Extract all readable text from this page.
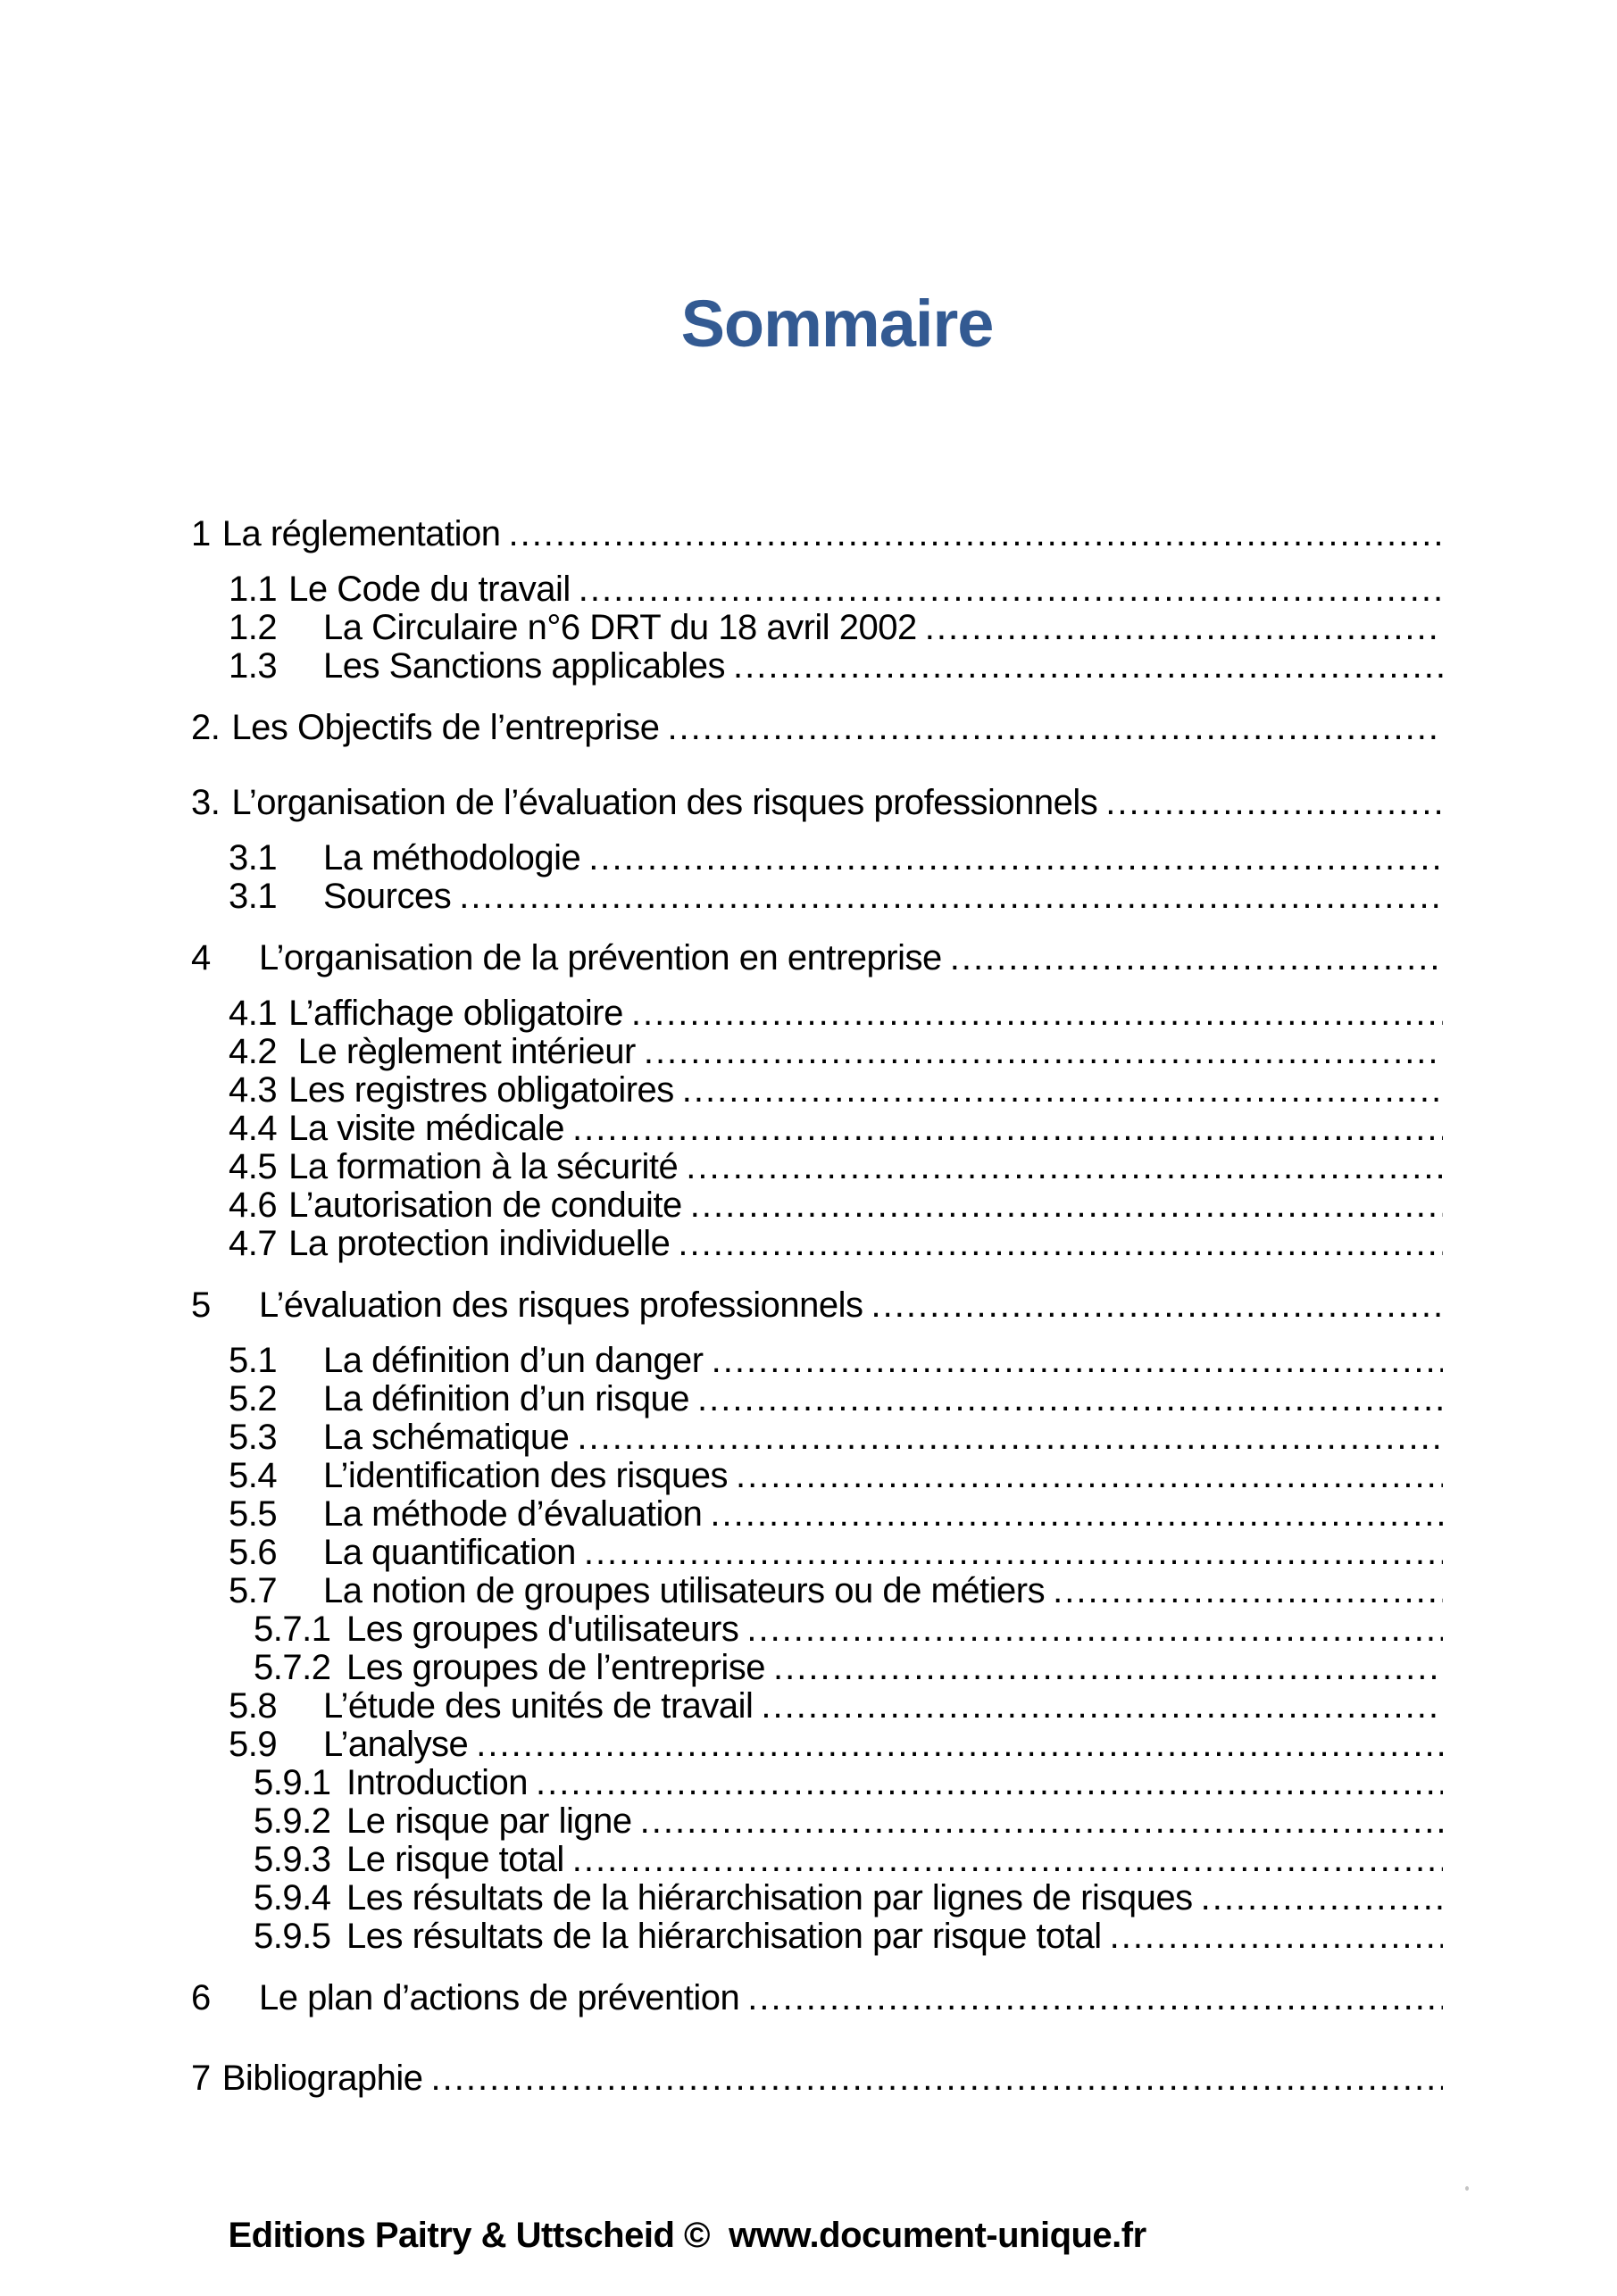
Sommaire
1 La réglementation
.....
1.1 Le Code du travail
.....
1.2	La Circulaire n°6 DRT du 18 avril 2002
.....
1.3	Les Sanctions applicables
.....
2. Les Objectifs de l’entreprise
.....
3. L’organisation de l’évaluation des risques professionnels
.....
3.1	La méthodologie
.....
3.1	Sources
.....
4	L’organisation de la prévention en entreprise
.....
4.1 L’affichage obligatoire
.....
4.2 Le règlement intérieur
.....
4.3 Les registres obligatoires
.....
4.4 La visite médicale
.....
4.5 La formation à la sécurité
.....
4.6 L’autorisation de conduite
.....
4.7 La protection individuelle
.....
5	L’évaluation des risques professionnels
.....
5.1	La définition d’un danger
.....
5.2	La définition d’un risque
.....
5.3	La schématique
.....
5.4	L’identification des risques
.....
5.5	La méthode d’évaluation
.....
5.6	La quantification
.....
5.7	La notion de groupes utilisateurs ou de métiers
.....
5.7.1 Les groupes d'utilisateurs
.....
5.7.2 Les groupes de l’entreprise
.....
5.8	L’étude des unités de travail
.....
5.9	L’analyse
.....
5.9.1 Introduction
.....
5.9.2 Le risque par ligne
.....
5.9.3 Le risque total
.....
5.9.4 Les résultats de la hiérarchisation par lignes de risques
.....
5.9.5 Les résultats de la hiérarchisation par risque total
.....
6	Le plan d’actions de prévention
.....
7 Bibliographie
.....

Editions Paitry & Uttscheid ©  www.document-unique.fr
